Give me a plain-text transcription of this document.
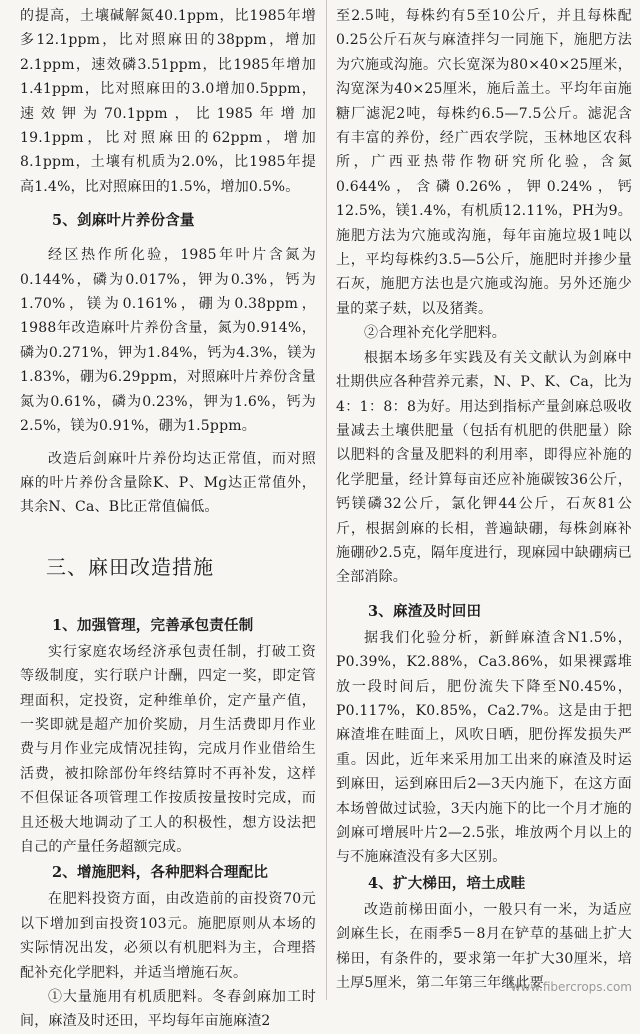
的提高，土壤碱解氮40.1ppm，比1985年增多12.1ppm，比对照麻田的38ppm，增加2.1ppm，速效磷3.51ppm，比1985年增加1.41ppm，比对照麻田的3.0增加0.5ppm，速效钾为70.1ppm，比1985年增加19.1ppm，比对照麻田的62ppm，增加8.1ppm，土壤有机质为2.0%，比1985年提高1.4%，比对照麻田的1.5%，增加0.5%。

5、剑麻叶片养份含量

经区热作所化验，1985年叶片含氮为0.144%，磷为0.017%，钾为0.3%，钙为1.70%，镁为0.161%，硼为0.38ppm，1988年改造麻叶片养份含量，氮为0.914%，磷为0.271%，钾为1.84%，钙为4.3%，镁为1.83%，硼为6.29ppm，对照麻叶片养份含量氮为0.61%，磷为0.23%，钾为1.6%，钙为2.5%，镁为0.91%，硼为1.5ppm。

改造后剑麻叶片养份均达正常值，而对照麻的叶片养份含量除K、P、Mg达正常值外，其余N、Ca、B比正常值偏低。

三、麻田改造措施

1、加强管理，完善承包责任制

实行家庭农场经济承包责任制，打破工资等级制度，实行联户计酬，四定一奖，即定管理面积，定投资，定种维单价，定产量产值，一奖即就是超产加价奖励，月生活费即月作业费与月作业完成情况挂钩，完成月作业借给生活费，被扣除部份年终结算时不再补发，这样不但保证各项管理工作按质按量按时完成，而且还极大地调动了工人的积极性，想方设法把自己的产量任务超额完成。

2、增施肥料，各种肥料合理配比

在肥料投资方面，由改造前的亩投资70元以下增加到亩投资103元。施肥原则从本场的实际情况出发，必须以有机肥料为主，合理搭配补充化学肥料，并适当增施石灰。

①大量施用有机质肥料。冬春剑麻加工时间，麻渣及时还田，平均每年亩施麻渣2

至2.5吨，每株约有5至10公斤，并且每株配0.25公斤石灰与麻渣拌匀一同施下，施肥方法为穴施或沟施。穴长宽深为80×40×25厘米，沟宽深为40×25厘米，施后盖土。平均年亩施糖厂滤泥2吨，每株约6.5—7.5公斤。滤泥含有丰富的养份，经广西农学院，玉林地区农科所，广西亚热带作物研究所化验，含氮0.644%，含磷0.26%，钾0.24%，钙12.5%，镁1.4%，有机质12.11%，PH为9。施肥方法为穴施或沟施，每年亩施垃圾1吨以上，平均每株约3.5—5公斤，施肥时并掺少量石灰，施肥方法也是穴施或沟施。另外还施少量的菜子麸，以及猪粪。

②合理补充化学肥料。

根据本场多年实践及有关文献认为剑麻中壮期供应各种营养元素，N、P、K、Ca，比为4：1：8：8为好。用达到指标产量剑麻总吸收量减去土壤供肥量（包括有机肥的供肥量）除以肥料的含量及肥料的利用率，即得应补施的化学肥量，经计算每亩还应补施碳铵36公斤，钙镁磷32公斤，氯化钾44公斤，石灰81公斤，根据剑麻的长相，普遍缺硼，每株剑麻补施硼砂2.5克，隔年度进行，现麻园中缺硼病已全部消除。

3、麻渣及时回田

据我们化验分析，新鲜麻渣含N1.5%，P0.39%，K2.88%，Ca3.86%，如果裸露堆放一段时间后，肥份流失下降至N0.45%，P0.117%，K0.85%，Ca2.7%。这是由于把麻渣堆在畦面上，风吹日晒，肥份挥发损失严重。因此，近年来采用加工出来的麻渣及时运到麻田，运到麻田后2—3天内施下，在这方面本场曾做过试验，3天内施下的比一个月才施的剑麻可增展叶片2—2.5张，堆放两个月以上的与不施麻渣没有多大区别。

4、扩大梯田，培土成畦

改造前梯田面小，一般只有一米，为适应剑麻生长，在雨季5－8月在铲草的基础上扩大梯田，有条件的，要求第一年扩大30厘米，培土厚5厘米，第二年第三年继此要

www.fibercrops.com
